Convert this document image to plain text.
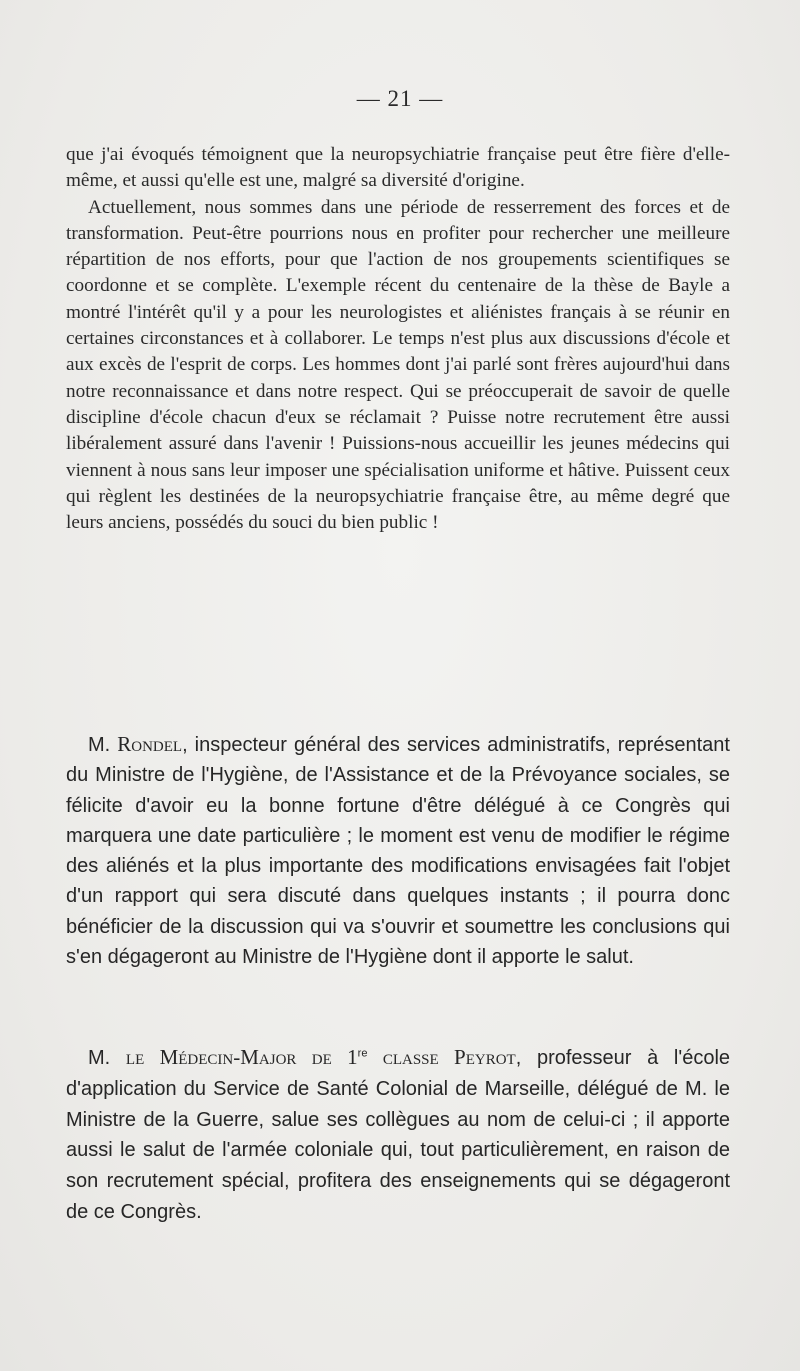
— 21 —

que j'ai évoqués témoignent que la neuropsychiatrie française peut être fière d'elle-même, et aussi qu'elle est une, malgré sa diversité d'origine.

Actuellement, nous sommes dans une période de resserrement des forces et de transformation. Peut-être pourrions nous en profiter pour rechercher une meilleure répartition de nos efforts, pour que l'action de nos groupements scientifiques se coordonne et se complète. L'exemple récent du centenaire de la thèse de Bayle a montré l'intérêt qu'il y a pour les neurologistes et aliénistes français à se réunir en certaines circonstances et à collaborer. Le temps n'est plus aux discussions d'école et aux excès de l'esprit de corps. Les hommes dont j'ai parlé sont frères aujourd'hui dans notre reconnaissance et dans notre respect. Qui se préoccuperait de savoir de quelle discipline d'école chacun d'eux se réclamait ? Puisse notre recrutement être aussi libéralement assuré dans l'avenir ! Puissions-nous accueillir les jeunes médecins qui viennent à nous sans leur imposer une spécialisation uniforme et hâtive. Puissent ceux qui règlent les destinées de la neuropsychiatrie française être, au même degré que leurs anciens, possédés du souci du bien public !

M. Rondel, inspecteur général des services administratifs, représentant du Ministre de l'Hygiène, de l'Assistance et de la Prévoyance sociales, se félicite d'avoir eu la bonne fortune d'être délégué à ce Congrès qui marquera une date particulière ; le moment est venu de modifier le régime des aliénés et la plus importante des modifications envisagées fait l'objet d'un rapport qui sera discuté dans quelques instants ; il pourra donc bénéficier de la discussion qui va s'ouvrir et soumettre les conclusions qui s'en dégageront au Ministre de l'Hygiène dont il apporte le salut.

M. le Médecin-Major de 1re classe Peyrot, professeur à l'école d'application du Service de Santé Colonial de Marseille, délégué de M. le Ministre de la Guerre, salue ses collègues au nom de celui-ci ; il apporte aussi le salut de l'armée coloniale qui, tout particulièrement, en raison de son recrutement spécial, profitera des enseignements qui se dégageront de ce Congrès.
